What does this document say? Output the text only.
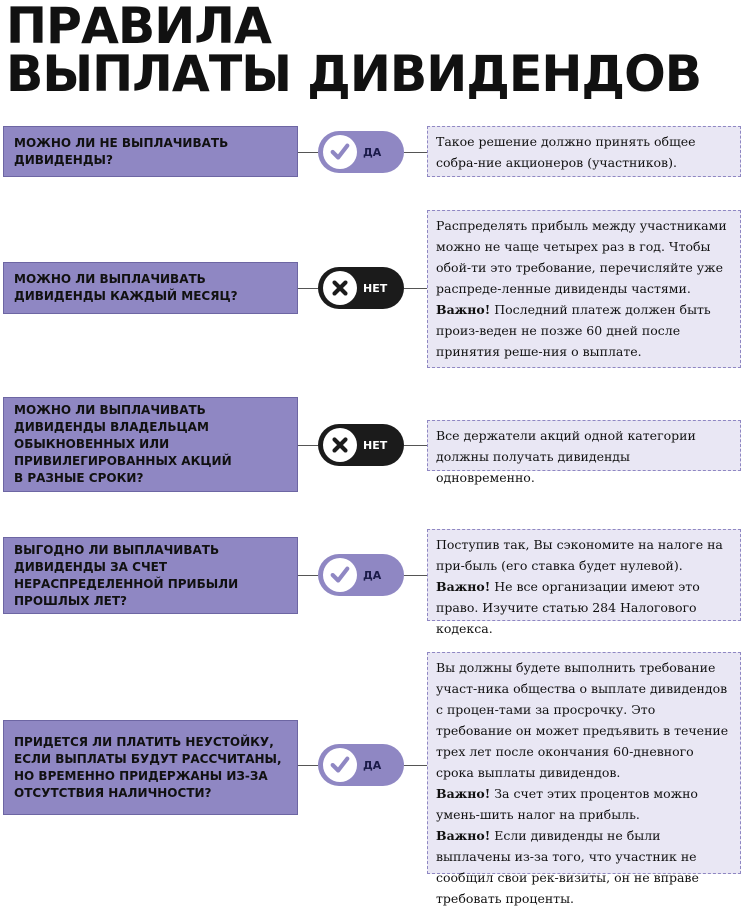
ПРАВИЛА
ВЫПЛАТЫ ДИВИДЕНДОВ
МОЖНО ЛИ НЕ ВЫПЛАЧИВАТЬ
ДИВИДЕНДЫ?
ДА

Такое решение должно принять общее собра-ние акционеров (участников).

МОЖНО ЛИ ВЫПЛАЧИВАТЬ
ДИВИДЕНДЫ КАЖДЫЙ МЕСЯЦ?
НЕТ

Распределять прибыль между участниками можно не чаще четырех раз в год. Чтобы обой-ти это требование, перечисляйте уже распреде-ленные дивиденды частями.

Важно! Последний платеж должен быть произ-веден не позже 60 дней после принятия реше-ния о выплате.

МОЖНО ЛИ ВЫПЛАЧИВАТЬ
ДИВИДЕНДЫ ВЛАДЕЛЬЦАМ
ОБЫКНОВЕННЫХ ИЛИ
ПРИВИЛЕГИРОВАННЫХ АКЦИЙ
В РАЗНЫЕ СРОКИ?
НЕТ

Все держатели акций одной категории должны получать дивиденды одновременно.

ВЫГОДНО ЛИ ВЫПЛАЧИВАТЬ
ДИВИДЕНДЫ ЗА СЧЕТ
НЕРАСПРЕДЕЛЕННОЙ ПРИБЫЛИ
ПРОШЛЫХ ЛЕТ?
ДА

Поступив так, Вы сэкономите на налоге на при-быль (его ставка будет нулевой).

Важно! Не все организации имеют это право. Изучите статью 284 Налогового кодекса.

ПРИДЕТСЯ ЛИ ПЛАТИТЬ НЕУСТОЙКУ,
ЕСЛИ ВЫПЛАТЫ БУДУТ РАССЧИТАНЫ,
НО ВРЕМЕННО ПРИДЕРЖАНЫ ИЗ-ЗА
ОТСУТСТВИЯ НАЛИЧНОСТИ?
ДА

Вы должны будете выполнить требование участ-ника общества о выплате дивидендов с процен-тами за просрочку. Это требование он может предъявить в течение трех лет после окончания 60-дневного срока выплаты дивидендов.

Важно! За счет этих процентов можно умень-шить налог на прибыль.

Важно! Если дивиденды не были выплачены из-за того, что участник не сообщил свои рек-визиты, он не вправе требовать проценты.
